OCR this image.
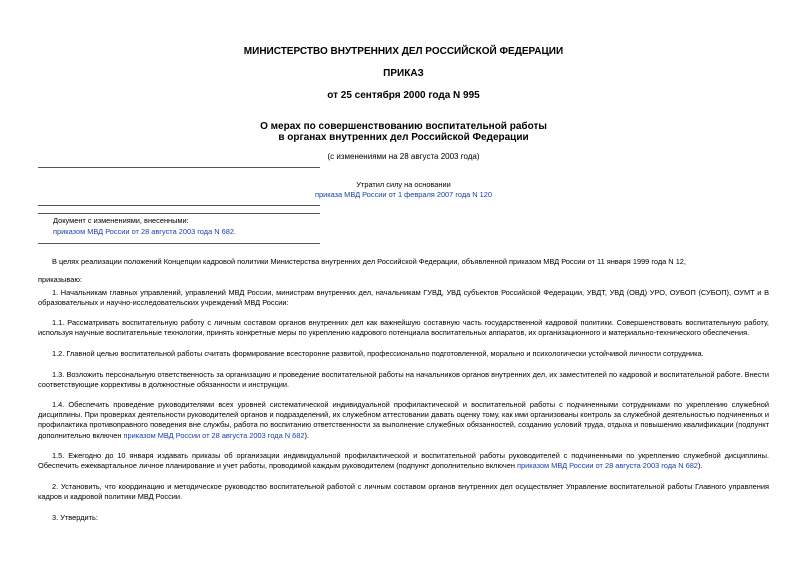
МИНИСТЕРСТВО ВНУТРЕННИХ ДЕЛ РОССИЙСКОЙ ФЕДЕРАЦИИ
ПРИКАЗ
от 25 сентября 2000 года N 995
О мерах по совершенствованию воспитательной работы
в органах внутренних дел Российской Федерации
(с изменениями на 28 августа 2003 года)
Утратил силу на основании
приказа МВД России от 1 февраля 2007 года N 120
Документ с изменениями, внесенными:
приказом МВД России от 28 августа 2003 года N 682.
В целях реализации положений Концепции кадровой политики Министерства внутренних дел Российской Федерации, объявленной приказом МВД России от 11 января 1999 года N 12,
приказываю:
1. Начальникам главных управлений, управлений МВД России, министрам внутренних дел, начальникам ГУВД, УВД субъектов Российской Федерации, УВДТ, УВД (ОВД) УРО, ОУБОП (СУБОП), ОУМТ и В образовательных и научно-исследовательских учреждений МВД России:
1.1. Рассматривать воспитательную работу с личным составом органов внутренних дел как важнейшую составную часть государственной кадровой политики. Совершенствовать воспитательную работу, используя научные воспитательные технологии, принять конкретные меры по укреплению кадрового потенциала воспитательных аппаратов, их организационного и материально-технического обеспечения.
1.2. Главной целью воспитательной работы считать формирование всесторонне развитой, профессионально подготовленной, морально и психологически устойчивой личности сотрудника.
1.3. Возложить персональную ответственность за организацию и проведение воспитательной работы на начальников органов внутренних дел, их заместителей по кадровой и воспитательной работе. Внести соответствующие коррективы в должностные обязанности и инструкции.
1.4. Обеспечить проведение руководителями всех уровней систематической индивидуальной профилактической и воспитательной работы с подчиненными сотрудниками по укреплению служебной дисциплины. При проверках деятельности руководителей органов и подразделений, их служебном аттестовании давать оценку тому, как ими организованы контроль за служебной деятельностью подчиненных и профилактика противоправного поведения вне службы, работа по воспитанию ответственности за выполнение служебных обязанностей, созданию условий труда, отдыха и повышению квалификации (подпункт дополнительно включен приказом МВД России от 28 августа 2003 года N 682).
1.5. Ежегодно до 10 января издавать приказы об организации индивидуальной профилактической и воспитательной работы руководителей с подчиненными по укреплению служебной дисциплины. Обеспечить ежеквартальное личное планирование и учет работы, проводимой каждым руководителем (подпункт дополнительно включен приказом МВД России от 28 августа 2003 года N 682).
2. Установить, что координацию и методическое руководство воспитательной работой с личным составом органов внутренних дел осуществляет Управление воспитательной работы Главного управления кадров и кадровой политики МВД России.
3. Утвердить:
